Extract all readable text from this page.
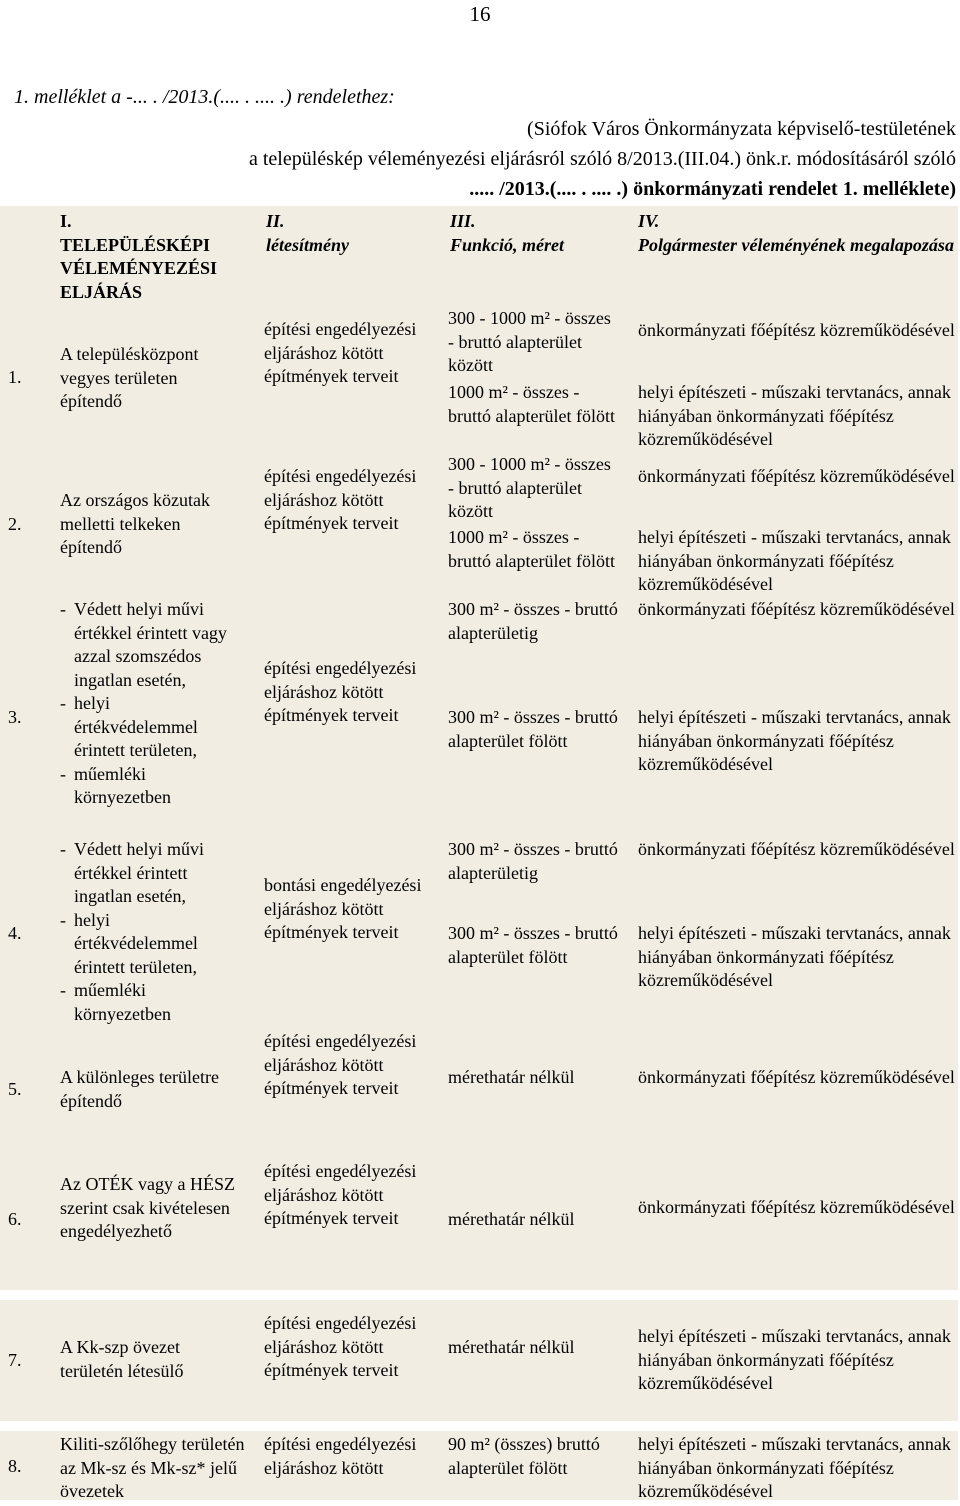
16
1. melléklet a -... . /2013.(.... . .... .) rendelethez:
(Siófok Város Önkormányzata képviselő-testületének
a településkép véleményezési eljárásról szóló 8/2013.(III.04.) önk.r. módosításáról szóló
..... /2013.(.... . .... .) önkormányzati rendelet 1. melléklete)
I.
TELEPÜLÉSKÉPI VÉLEMÉNYEZÉSI ELJÁRÁS
II.
létesítmény
III.
Funkció, méret
IV.
Polgármester véleményének megalapozása
1.
A településközpont vegyes területen építendő
építési engedélyezési eljáráshoz kötött építmények terveit
300 - 1000 m² - összes - bruttó alapterület között
1000 m² - összes - bruttó alapterület fölött
önkormányzati főépítész közreműködésével
helyi építészeti - műszaki tervtanács, annak hiányában önkormányzati főépítész közreműködésével
2.
Az országos közutak melletti telkeken építendő
építési engedélyezési eljáráshoz kötött építmények terveit
300 - 1000 m² - összes - bruttó alapterület között
1000 m² - összes - bruttó alapterület fölött
önkormányzati főépítész közreműködésével
helyi építészeti - műszaki tervtanács, annak hiányában önkormányzati főépítész közreműködésével
3.
- Védett helyi művi értékkel érintett vagy azzal szomszédos ingatlan esetén,
- helyi értékvédelemmel érintett területen,
- műemléki környezetben
építési engedélyezési eljáráshoz kötött építmények terveit
300 m² - összes - bruttó alapterületig
300 m² - összes - bruttó alapterület fölött
önkormányzati főépítész közreműködésével
helyi építészeti - műszaki tervtanács, annak hiányában önkormányzati főépítész közreműködésével
4.
- Védett helyi művi értékkel érintett ingatlan esetén,
- helyi értékvédelemmel érintett területen,
- műemléki környezetben
bontási engedélyezési eljáráshoz kötött építmények terveit
300 m² - összes - bruttó alapterületig
300 m² - összes - bruttó alapterület fölött
önkormányzati főépítész közreműködésével
helyi építészeti - műszaki tervtanács, annak hiányában önkormányzati főépítész közreműködésével
5.
A különleges területre építendő
építési engedélyezési eljáráshoz kötött építmények terveit
mérethatár nélkül	önkormányzati főépítész közreműködésével
6.
Az OTÉK vagy a HÉSZ szerint csak kivételesen engedélyezhető
építési engedélyezési eljáráshoz kötött építmények terveit	mérethatár nélkül
önkormányzati főépítész közreműködésével
7.
A Kk-szp övezet területén létesülő
építési engedélyezési eljáráshoz kötött építmények terveit
mérethatár nélkül
helyi építészeti - műszaki tervtanács, annak hiányában önkormányzati főépítész közreműködésével
8.
Kiliti-szőlőhegy területén az Mk-sz és Mk-sz* jelű övezetek
építési engedélyezési eljáráshoz kötött
90 m² (összes) bruttó alapterület fölött
helyi építészeti - műszaki tervtanács, annak hiányában önkormányzati főépítész közreműködésével
